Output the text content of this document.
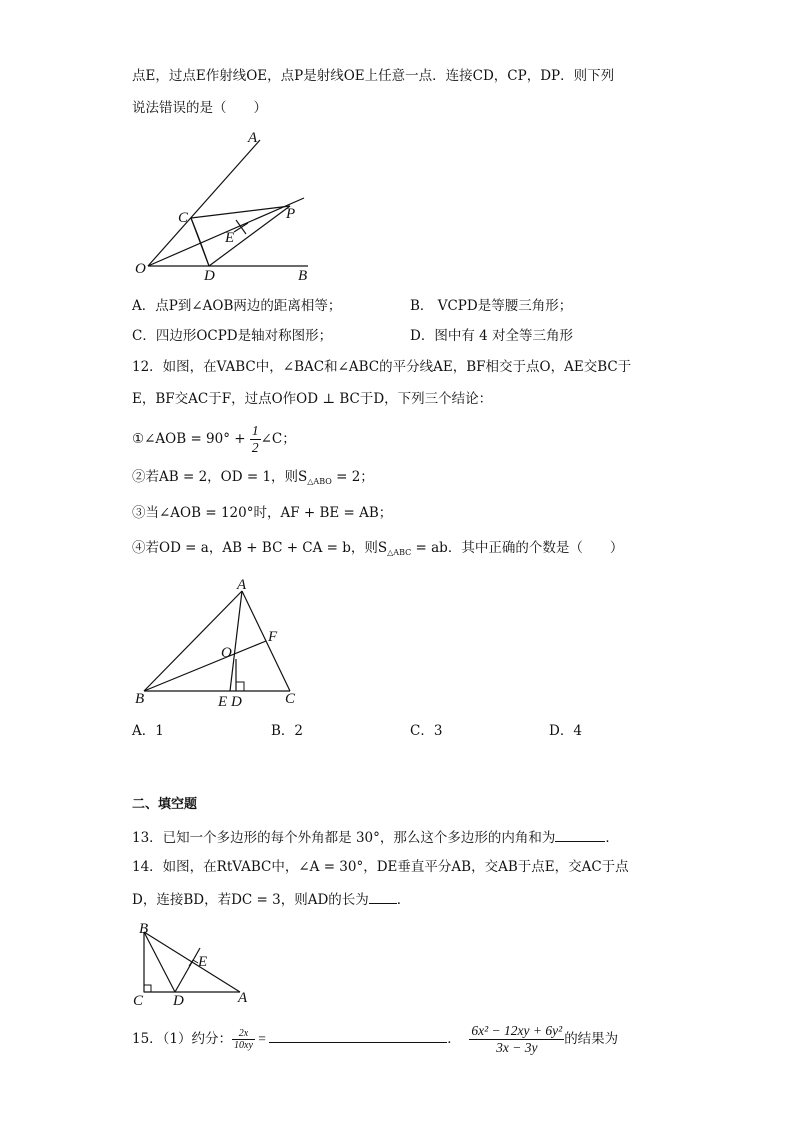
点E，过点E作射线OE，点P是射线OE上任意一点．连接CD，CP，DP．则下列
说法错误的是（　　）
A
C
E
P
O	D	B
A．点P到∠AOB两边的距离相等；	B． VCPD是等腰三角形；
C．四边形OCPD是轴对称图形；	D．图中有 4 对全等三角形
12．如图，在VABC中，∠BAC和∠ABC的平分线AE，BF相交于点O，AE交BC于
E，BF交AC于F，过点O作OD ⊥ BC于D，下列三个结论：
①∠AOB = $90^\circ + \frac{1}{2}$ ∠C；
②若AB = 2，OD = 1，则$S_{\triangle ABO} = 2$；
③当∠AOB = 120°时，AF + BE = AB；
④若OD = a，AB + BC + CA = b，则$S_{\triangle ABC}$ = ab．其中正确的个数是（　　）
A
F
O
B	E D	C
A．1	B．2	C．3	D．4
二、填空题
13．已知一个多边形的每个外角都是 30°，那么这个多边形的内角和为	．
14．如图，在RtVABC中，∠A = 30°，DE垂直平分AB，交AB于点E，交AC于点
D，连接BD，若DC = 3，则AD的长为 ．
B
E
C D	A
15．（1）约分： $\frac{2x}{10xy}$ =	． $\frac{\text{6x² − 12xy + 6y²}}{3x - 3y}$ 的结果为
